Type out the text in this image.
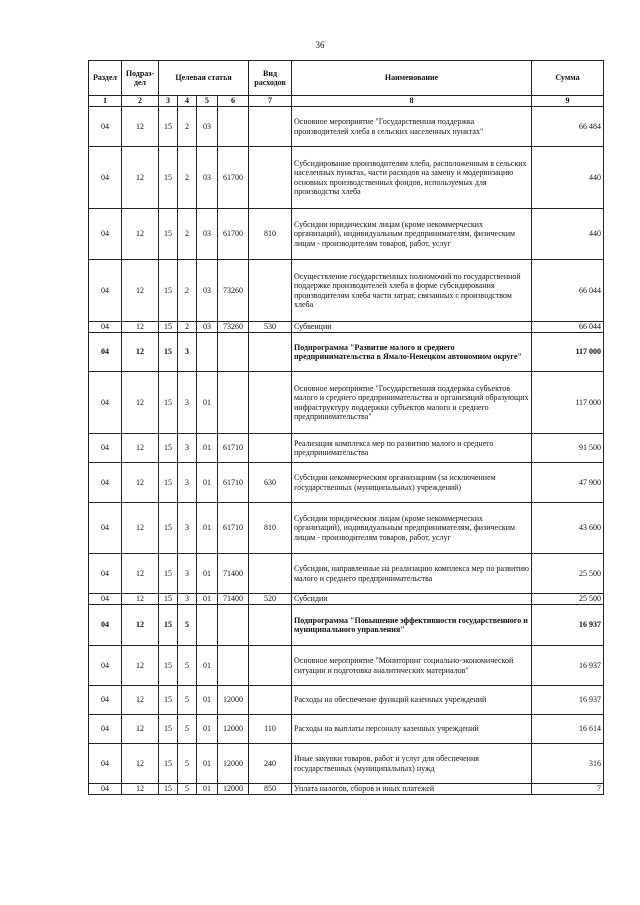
36
Раздел	Подраз-дел	Целевая статья				Вид расходов	Наименование	Сумма
1	2	3	4	5	6	7	8	9
04	12	15	2	03			Основное мероприятие "Государственная поддержка производителей хлеба в сельских населенных пунктах"	66 484
04	12	15	2	03	61700		Субсидирование производителям хлеба, расположенным в сельских населенных пунктах, части расходов на замену и модернизацию основных производственных фондов, используемых для производства хлеба	440
04	12	15	2	03	61700	810	Субсидии юридическим лицам (кроме некоммерческих организаций), индивидуальным предпринимателям, физическим лицам - производителям товаров, работ, услуг	440
04	12	15	2	03	73260		Осуществление государственных полномочий по государственной поддержке производителей хлеба в форме субсидирования производителям хлеба части затрат, связанных с производством хлеба	66 044
04	12	15	2	03	73260	530	Субвенции	66 044
04	12	15	3				Подпрограмма "Развитие малого и среднего предпринимательства в Ямало-Ненецком автономном округе"	117 000
04	12	15	3	01			Основное мероприятие "Государственная поддержка субъектов малого и среднего предпринимательства и организаций образующих инфраструктуру поддержки субъектов малого и среднего предпринимательства"	117 000
04	12	15	3	01	61710		Реализация комплекса мер по развитию малого и среднего предпринимательства	91 500
04	12	15	3	01	61710	630	Субсидии некоммерческим организациям (за исключением государственных (муниципальных) учреждений)	47 900
04	12	15	3	01	61710	810	Субсидии юридическим лицам (кроме некоммерческих организаций), индивидуальным предпринимателям, физическим лицам - производителям товаров, работ, услуг	43 600
04	12	15	3	01	71400		Субсидии, направленные на реализацию комплекса мер по развитию малого и среднего предпринимательства	25 500
04	12	15	3	01	71400	520	Субсидии	25 500
04	12	15	5				Подпрограмма "Повышение эффективности государственного и муниципального управления"	16 937
04	12	15	5	01			Основное мероприятие "Мониторинг социально-экономической ситуации и подготовка аналитических материалов"	16 937
04	12	15	5	01	12000		Расходы на обеспечение функций казенных учреждений	16 937
04	12	15	5	01	12000	110	Расходы на выплаты персоналу казенных учреждений	16 614
04	12	15	5	01	12000	240	Иные закупки товаров, работ и услуг для обеспечения государственных (муниципальных) нужд	316
04	12	15	5	01	12000	850	Уплата налогов, сборов и иных платежей	7
